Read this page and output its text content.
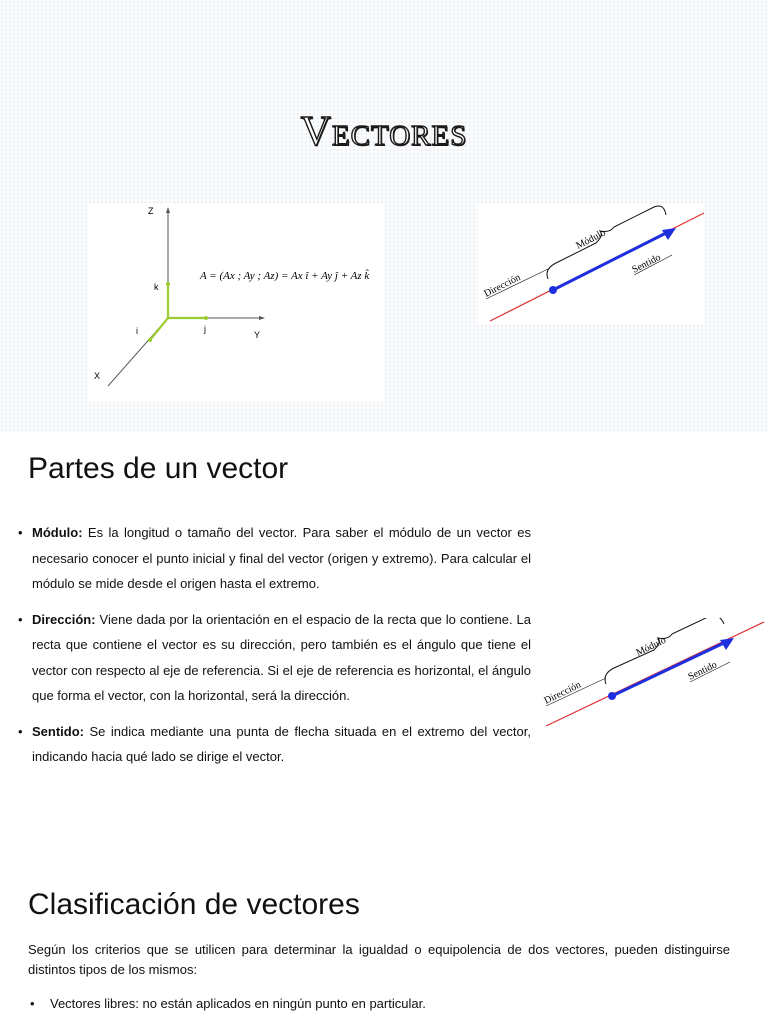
Vectores
Z
Y
X
k
j
i
A = (Ax ; Ay ; Az) = Ax î + Ay ĵ + Az k̂
Módulo
Dirección
Sentido
Partes de un vector
• Módulo: Es la longitud o tamaño del vector. Para saber el módulo de un vector es necesario conocer el punto inicial y final del vector (origen y extremo). Para calcular el módulo se mide desde el origen hasta el extremo.
• Dirección: Viene dada por la orientación en el espacio de la recta que lo contiene. La recta que contiene el vector es su dirección, pero también es el ángulo que tiene el vector con respecto al eje de referencia. Si el eje de referencia es horizontal, el ángulo que forma el vector, con la horizontal, será la dirección.
• Sentido: Se indica mediante una punta de flecha situada en el extremo del vector, indicando hacia qué lado se dirige el vector.
Módulo
Dirección
Sentido
Clasificación de vectores
Según los criterios que se utilicen para determinar la igualdad o equipolencia de dos vectores, pueden distinguirse distintos tipos de los mismos:
• Vectores libres: no están aplicados en ningún punto en particular.
